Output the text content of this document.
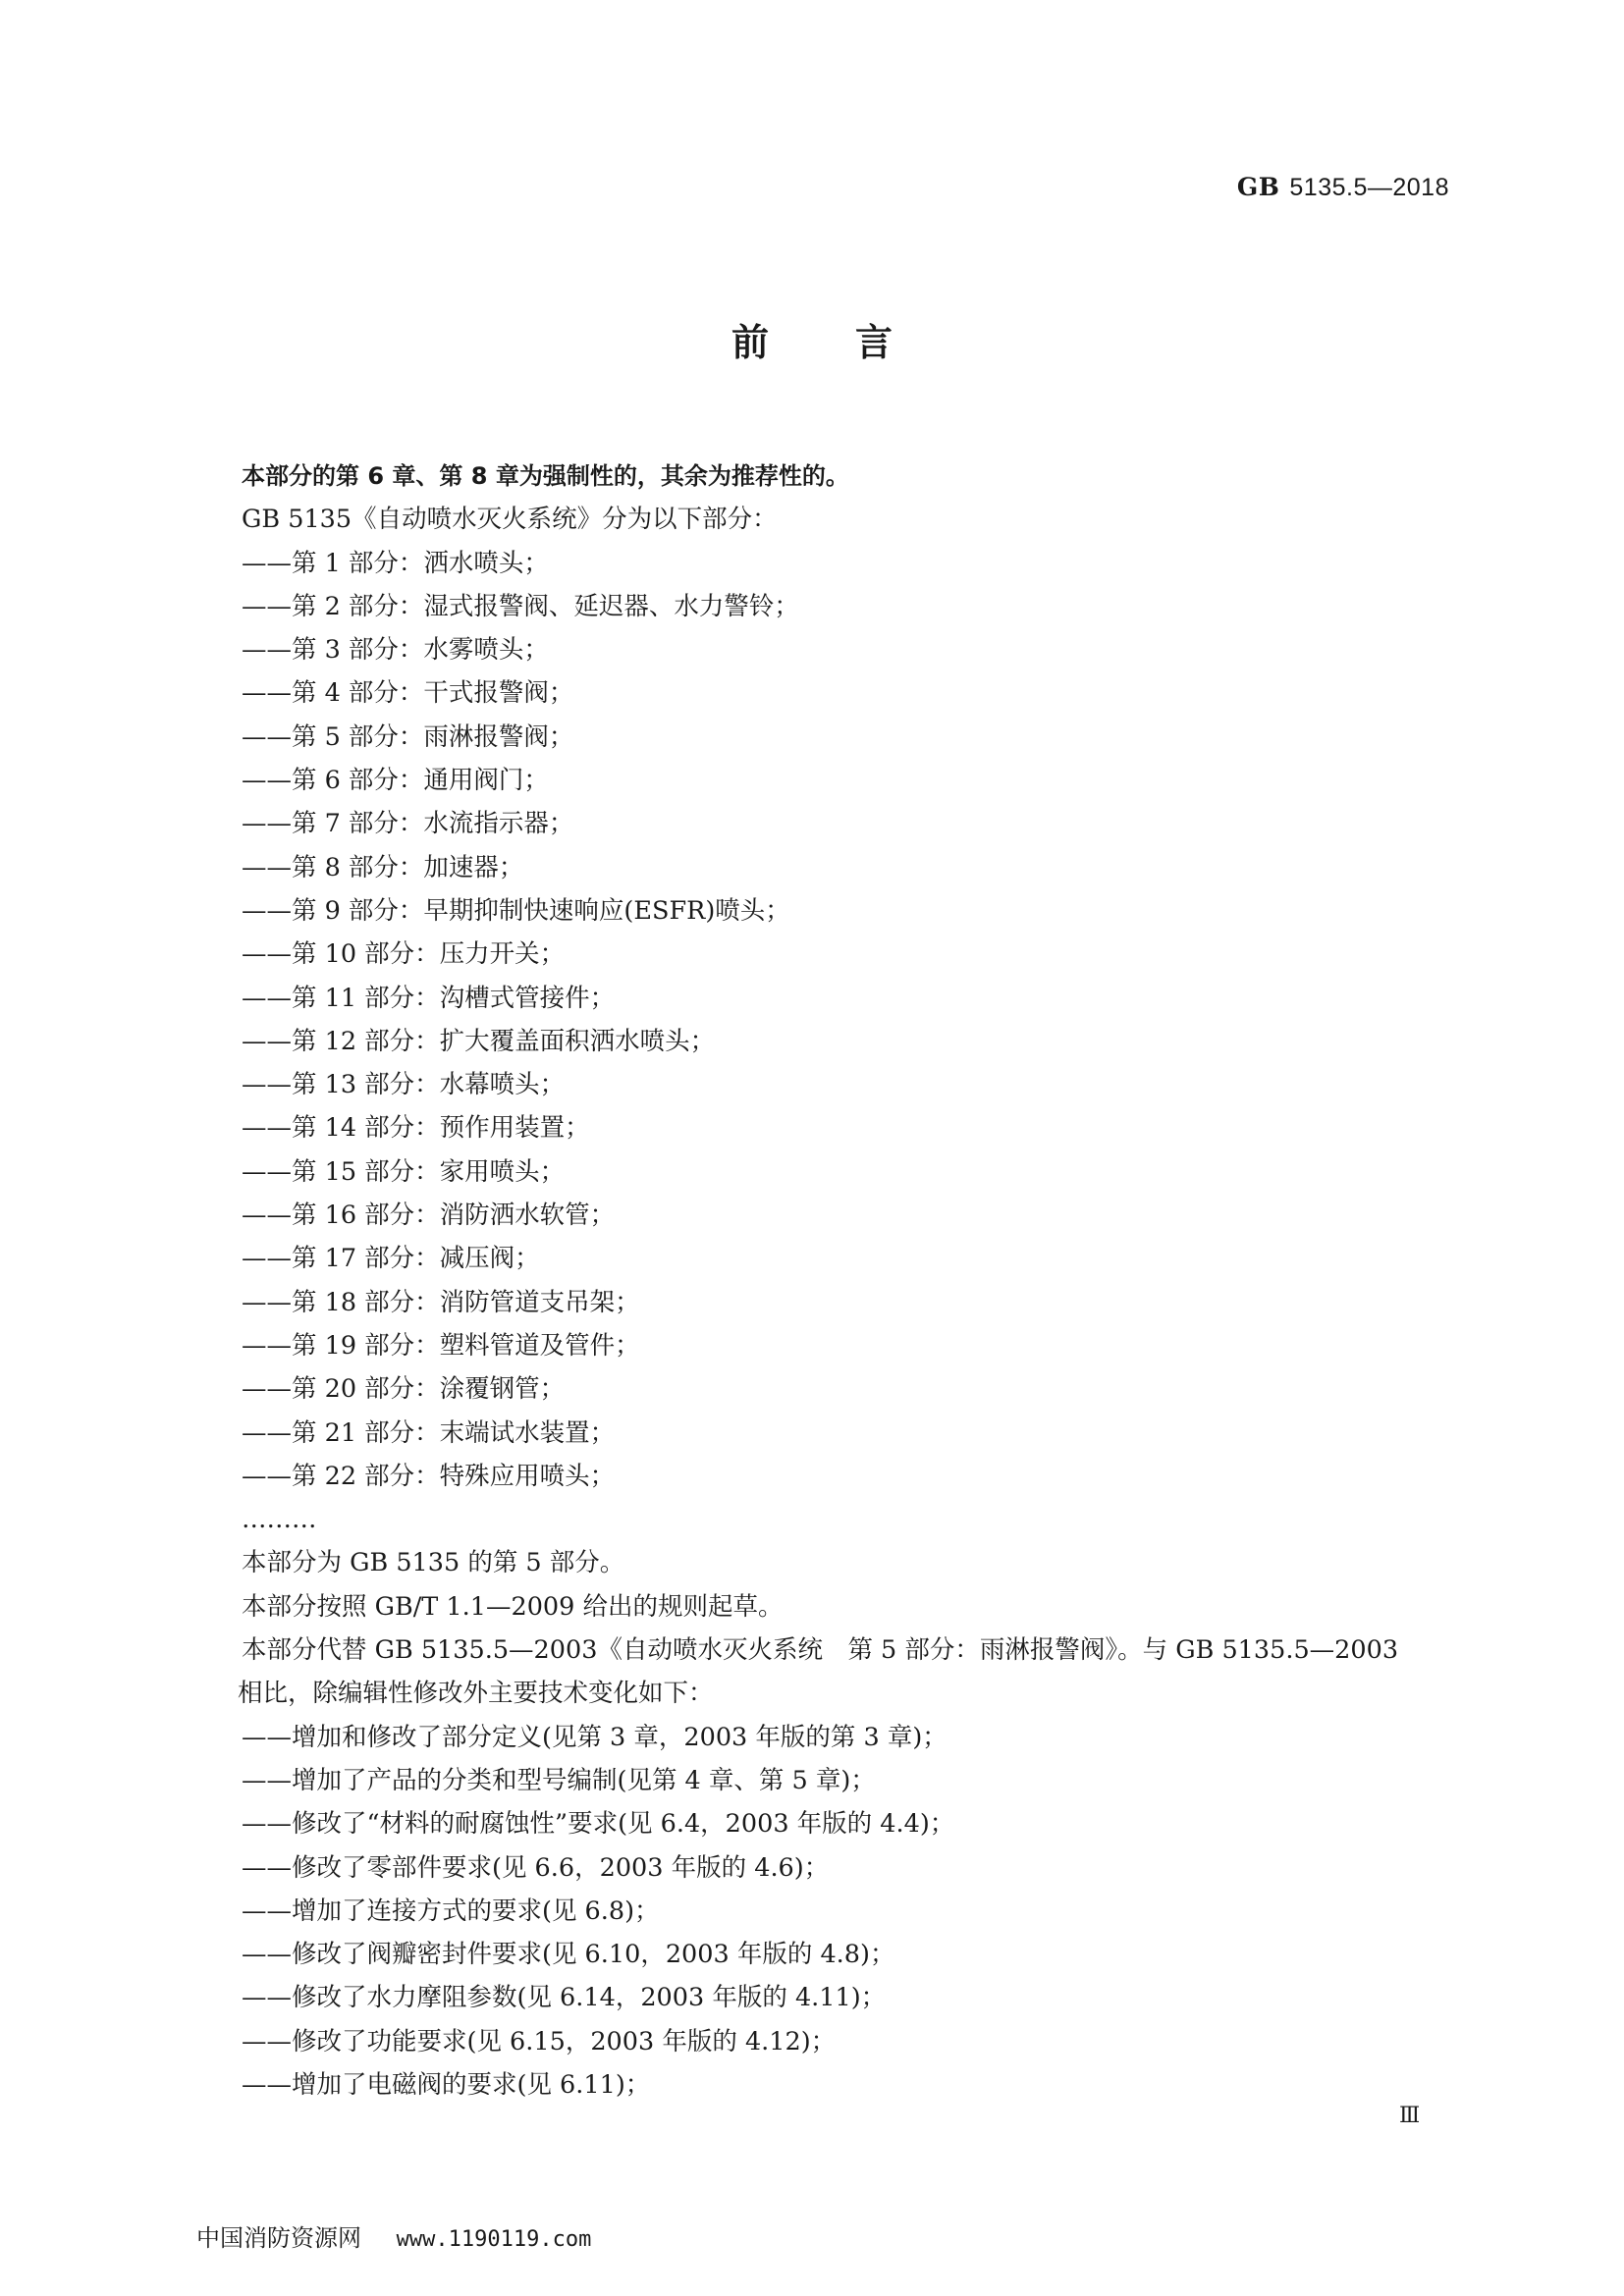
GB 5135.5—2018
前言
本部分的第 6 章、第 8 章为强制性的，其余为推荐性的。
GB 5135《自动喷水灭火系统》分为以下部分：
——第 1 部分：洒水喷头；
——第 2 部分：湿式报警阀、延迟器、水力警铃；
——第 3 部分：水雾喷头；
——第 4 部分：干式报警阀；
——第 5 部分：雨淋报警阀；
——第 6 部分：通用阀门；
——第 7 部分：水流指示器；
——第 8 部分：加速器；
——第 9 部分：早期抑制快速响应(ESFR)喷头；
——第 10 部分：压力开关；
——第 11 部分：沟槽式管接件；
——第 12 部分：扩大覆盖面积洒水喷头；
——第 13 部分：水幕喷头；
——第 14 部分：预作用装置；
——第 15 部分：家用喷头；
——第 16 部分：消防洒水软管；
——第 17 部分：减压阀；
——第 18 部分：消防管道支吊架；
——第 19 部分：塑料管道及管件；
——第 20 部分：涂覆钢管；
——第 21 部分：末端试水装置；
——第 22 部分：特殊应用喷头；
………
本部分为 GB 5135 的第 5 部分。
本部分按照 GB/T 1.1—2009 给出的规则起草。
本部分代替 GB 5135.5—2003《自动喷水灭火系统　第 5 部分：雨淋报警阀》。与 GB 5135.5—2003
相比，除编辑性修改外主要技术变化如下：
——增加和修改了部分定义(见第 3 章，2003 年版的第 3 章)；
——增加了产品的分类和型号编制(见第 4 章、第 5 章)；
——修改了“材料的耐腐蚀性”要求(见 6.4，2003 年版的 4.4)；
——修改了零部件要求(见 6.6，2003 年版的 4.6)；
——增加了连接方式的要求(见 6.8)；
——修改了阀瓣密封件要求(见 6.10，2003 年版的 4.8)；
——修改了水力摩阻参数(见 6.14，2003 年版的 4.11)；
——修改了功能要求(见 6.15，2003 年版的 4.12)；
——增加了电磁阀的要求(见 6.11)；
Ⅲ
中国消防资源网 www.1190119.com
